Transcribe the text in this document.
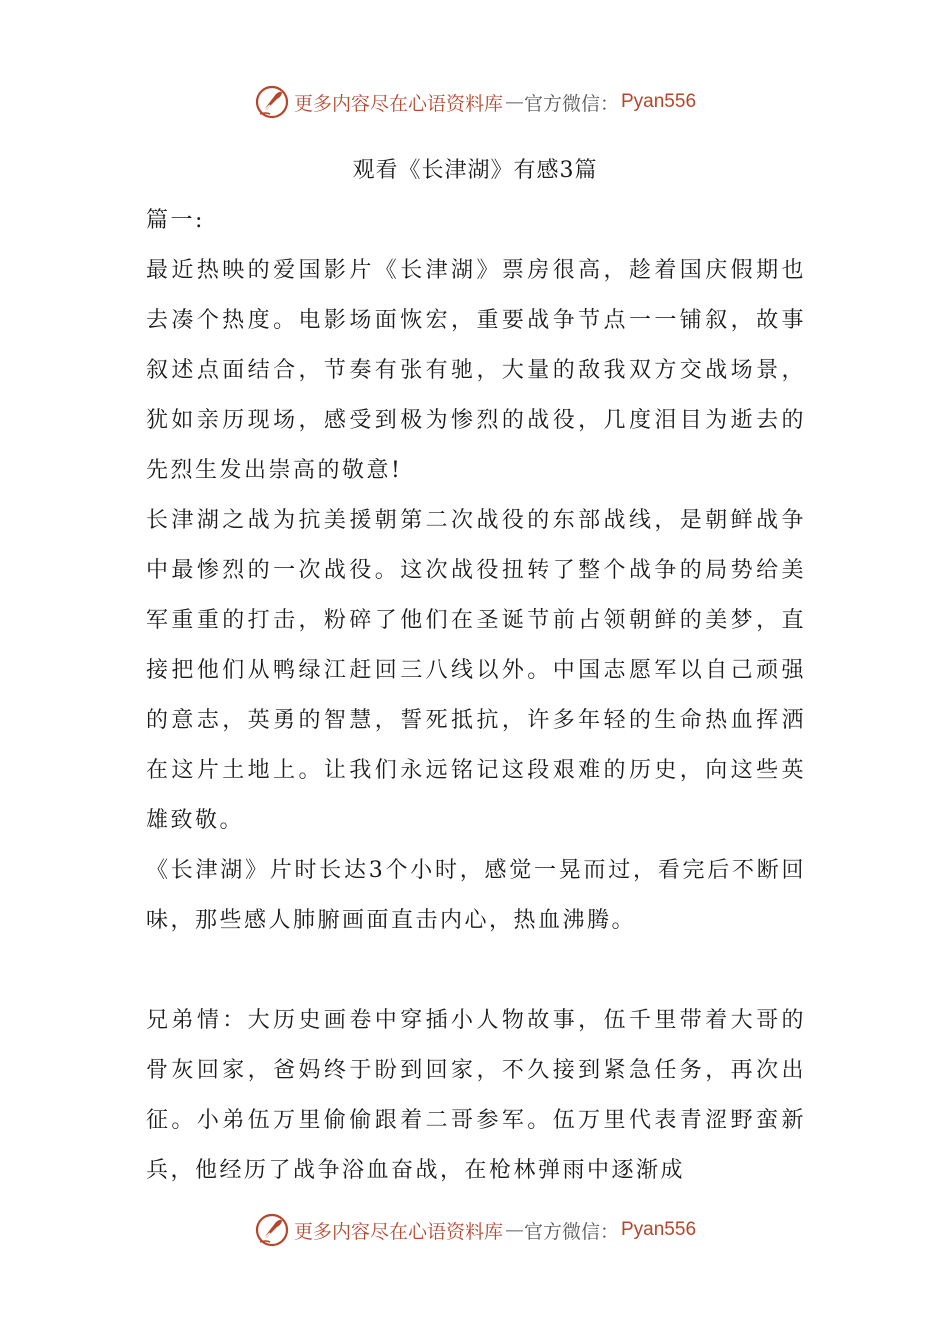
更多内容尽在心语资料库 — 官方微信： Pyan556
观看《长津湖》有感3篇

篇一:

最近热映的爱国影片《长津湖》票房很高，趁着国庆假期也去凑个热度。电影场面恢宏，重要战争节点一一铺叙，故事叙述点面结合，节奏有张有驰，大量的敌我双方交战场景，犹如亲历现场，感受到极为惨烈的战役，几度泪目为逝去的先烈生发出崇高的敬意!

长津湖之战为抗美援朝第二次战役的东部战线，是朝鲜战争中最惨烈的一次战役。这次战役扭转了整个战争的局势给美军重重的打击，粉碎了他们在圣诞节前占领朝鲜的美梦，直接把他们从鸭绿江赶回三八线以外。中国志愿军以自己顽强的意志，英勇的智慧，誓死抵抗，许多年轻的生命热血挥洒在这片土地上。让我们永远铭记这段艰难的历史，向这些英雄致敬。

《长津湖》片时长达3个小时，感觉一晃而过，看完后不断回味，那些感人肺腑画面直击内心，热血沸腾。

兄弟情：大历史画卷中穿插小人物故事，伍千里带着大哥的骨灰回家，爸妈终于盼到回家，不久接到紧急任务，再次出征。小弟伍万里偷偷跟着二哥参军。伍万里代表青涩野蛮新兵，他经历了战争浴血奋战，在枪林弹雨中逐渐成

更多内容尽在心语资料库 — 官方微信： Pyan556
